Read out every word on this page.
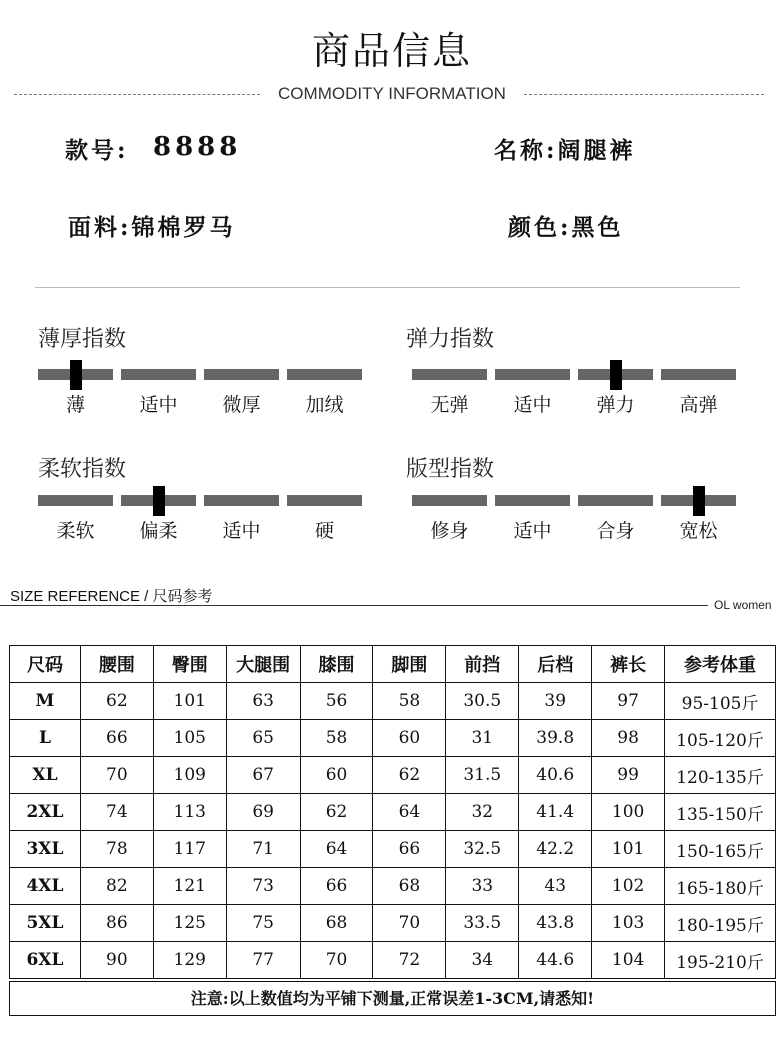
商品信息
COMMODITY INFORMATION
款号: 8888	名称:阔腿裤
面料:锦棉罗马	颜色:黑色
薄厚指数
薄	适中	微厚	加绒
弹力指数
无弹	适中	弹力	高弹
柔软指数
柔软	偏柔	适中	硬
版型指数
修身	适中	合身	宽松
SIZE REFERENCE / 尺码参考	OL women
尺码	腰围	臀围	大腿围	膝围	脚围	前挡	后档	裤长	参考体重
M	62	101	63	56	58	30.5	39	97	95-105斤
L	66	105	65	58	60	31	39.8	98	105-120斤
XL	70	109	67	60	62	31.5	40.6	99	120-135斤
2XL	74	113	69	62	64	32	41.4	100	135-150斤
3XL	78	117	71	64	66	32.5	42.2	101	150-165斤
4XL	82	121	73	66	68	33	43	102	165-180斤
5XL	86	125	75	68	70	33.5	43.8	103	180-195斤
6XL	90	129	77	70	72	34	44.6	104	195-210斤
注意:以上数值均为平铺下测量,正常误差1-3CM,请悉知!
